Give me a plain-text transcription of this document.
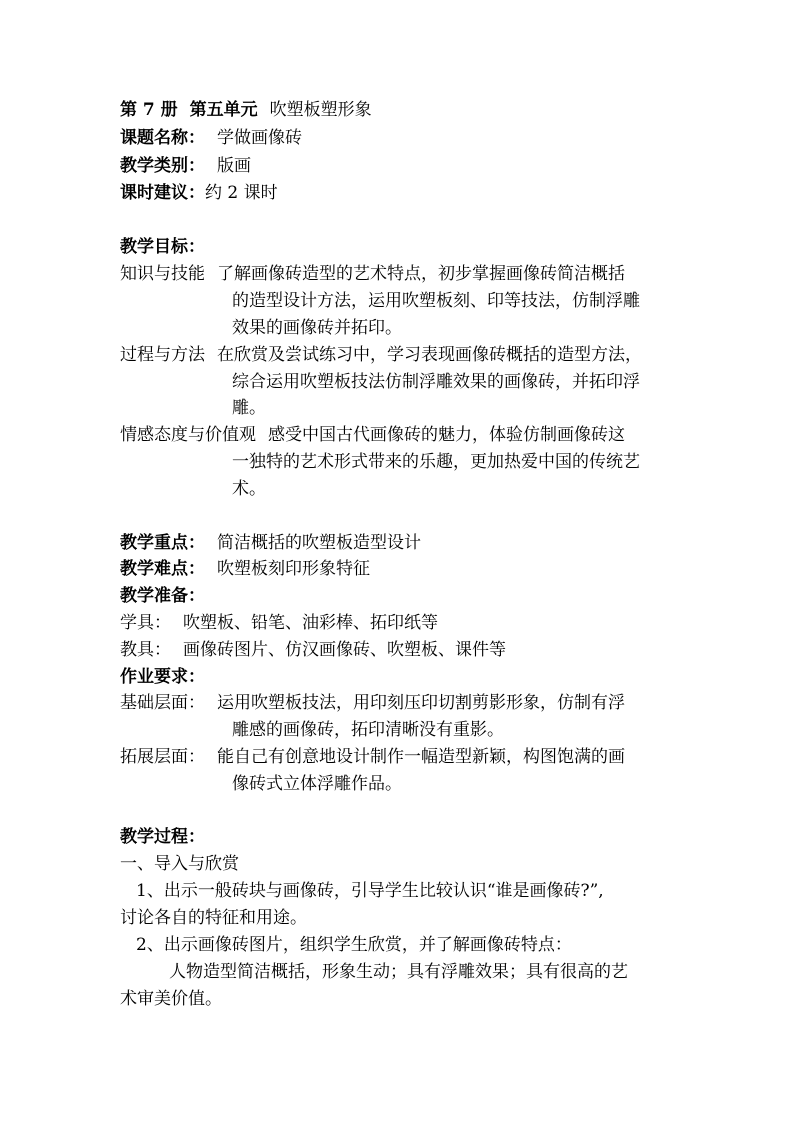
第 7 册 第五单元 吹塑板塑形象
课题名称： 学做画像砖
教学类别： 版画
课时建议：约 2 课时
教学目标：
知识与技能 了解画像砖造型的艺术特点，初步掌握画像砖简洁概括
的造型设计方法，运用吹塑板刻、印等技法，仿制浮雕
效果的画像砖并拓印。
过程与方法 在欣赏及尝试练习中，学习表现画像砖概括的造型方法，
综合运用吹塑板技法仿制浮雕效果的画像砖，并拓印浮
雕。
情感态度与价值观 感受中国古代画像砖的魅力，体验仿制画像砖这
一独特的艺术形式带来的乐趣，更加热爱中国的传统艺
术。
教学重点： 简洁概括的吹塑板造型设计
教学难点： 吹塑板刻印形象特征
教学准备：
学具： 吹塑板、铅笔、油彩棒、拓印纸等
教具： 画像砖图片、仿汉画像砖、吹塑板、课件等
作业要求：
基础层面： 运用吹塑板技法，用印刻压印切割剪影形象，仿制有浮
雕感的画像砖，拓印清晰没有重影。
拓展层面： 能自己有创意地设计制作一幅造型新颖，构图饱满的画
像砖式立体浮雕作品。
教学过程：
一、导入与欣赏
1、出示一般砖块与画像砖，引导学生比较认识“谁是画像砖?”,
讨论各自的特征和用途。
2、出示画像砖图片，组织学生欣赏，并了解画像砖特点：
人物造型简洁概括，形象生动；具有浮雕效果；具有很高的艺
术审美价值。
